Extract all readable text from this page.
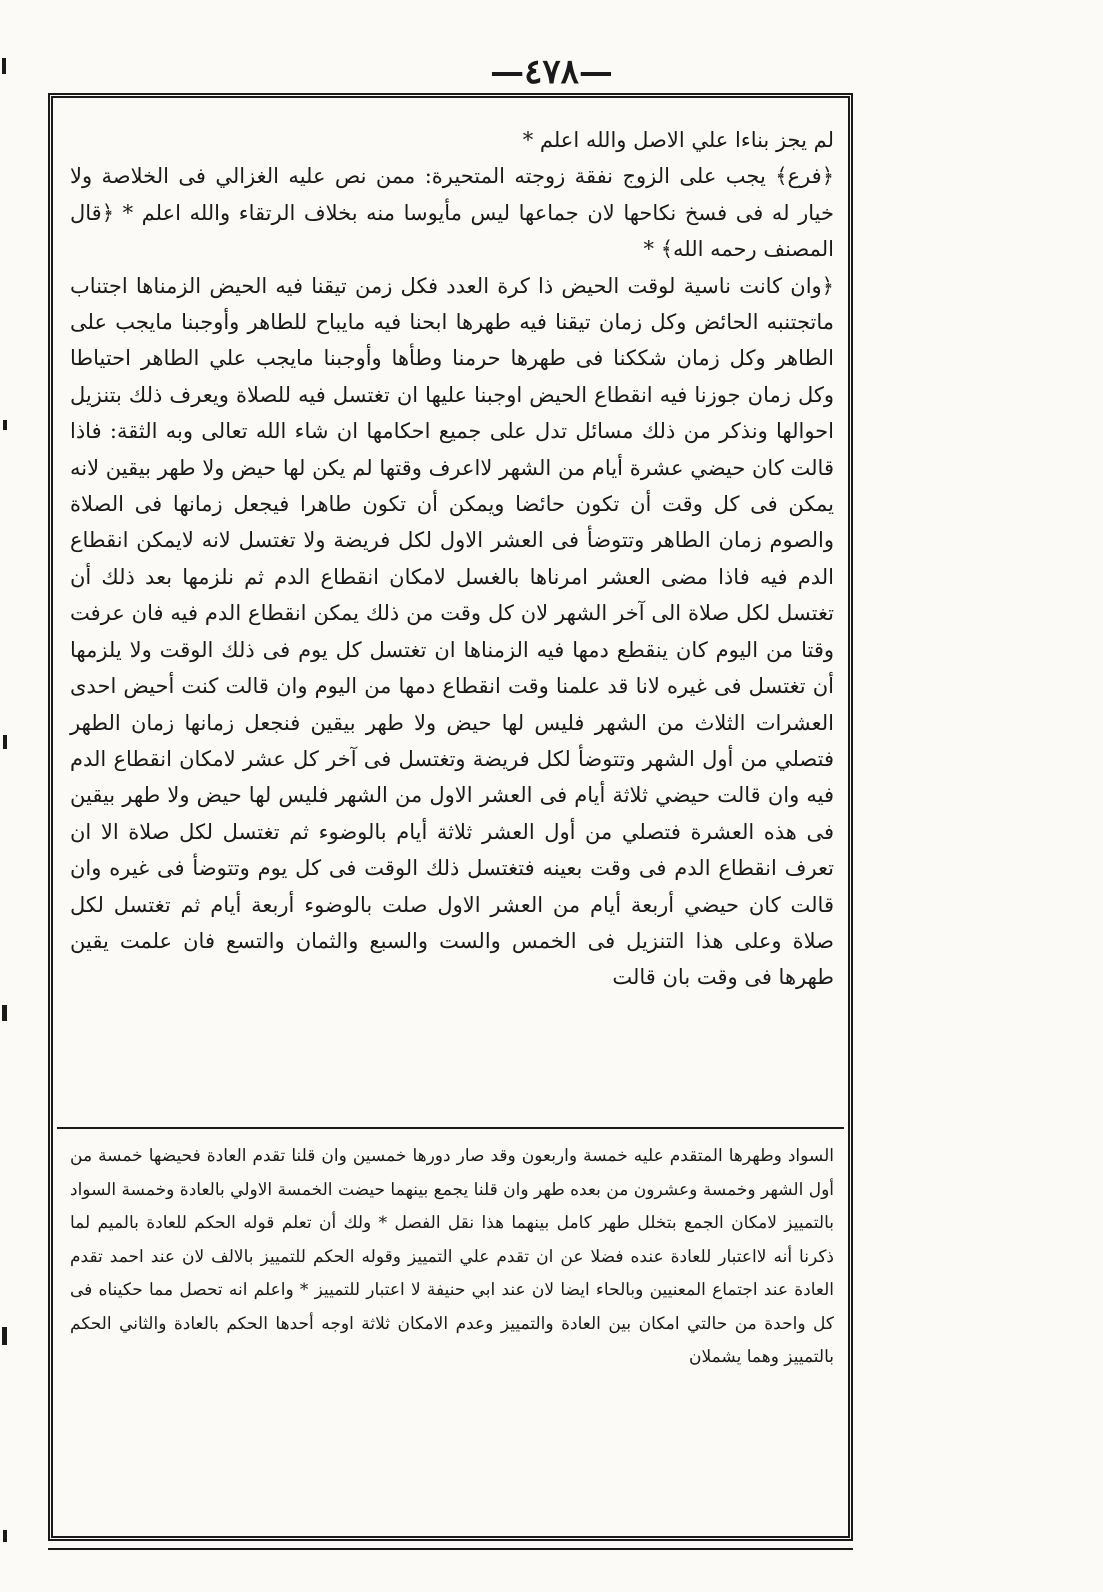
—٤٧٨—

لم يجز بناءا علي الاصل والله اعلم *

﴿فرع﴾ يجب على الزوج نفقة زوجته المتحيرة: ممن نص عليه الغزالي فى الخلاصة ولا خيار له فى فسخ نكاحها لان جماعها ليس مأيوسا منه بخلاف الرتقاء والله اعلم * ﴿قال المصنف رحمه الله﴾ *

﴿وان كانت ناسية لوقت الحيض ذا كرة العدد فكل زمن تيقنا فيه الحيض الزمناها اجتناب ماتجتنبه الحائض وكل زمان تيقنا فيه طهرها ابحنا فيه مايباح للطاهر وأوجبنا مايجب على الطاهر وكل زمان شككنا فى طهرها حرمنا وطأها وأوجبنا مايجب علي الطاهر احتياطا وكل زمان جوزنا فيه انقطاع الحيض اوجبنا عليها ان تغتسل فيه للصلاة ويعرف ذلك بتنزيل احوالها ونذكر من ذلك مسائل تدل على جميع احكامها ان شاء الله تعالى وبه الثقة: فاذا قالت كان حيضي عشرة أيام من الشهر لااعرف وقتها لم يكن لها حيض ولا طهر بيقين لانه يمكن فى كل وقت أن تكون حائضا ويمكن أن تكون طاهرا فيجعل زمانها فى الصلاة والصوم زمان الطاهر وتتوضأ فى العشر الاول لكل فريضة ولا تغتسل لانه لايمكن انقطاع الدم فيه فاذا مضى العشر امرناها بالغسل لامكان انقطاع الدم ثم نلزمها بعد ذلك أن تغتسل لكل صلاة الى آخر الشهر لان كل وقت من ذلك يمكن انقطاع الدم فيه فان عرفت وقتا من اليوم كان ينقطع دمها فيه الزمناها ان تغتسل كل يوم فى ذلك الوقت ولا يلزمها أن تغتسل فى غيره لانا قد علمنا وقت انقطاع دمها من اليوم وان قالت كنت أحيض احدى العشرات الثلاث من الشهر فليس لها حيض ولا طهر بيقين فنجعل زمانها زمان الطهر فتصلي من أول الشهر وتتوضأ لكل فريضة وتغتسل فى آخر كل عشر لامكان انقطاع الدم فيه وان قالت حيضي ثلاثة أيام فى العشر الاول من الشهر فليس لها حيض ولا طهر بيقين فى هذه العشرة فتصلي من أول العشر ثلاثة أيام بالوضوء ثم تغتسل لكل صلاة الا ان تعرف انقطاع الدم فى وقت بعينه فتغتسل ذلك الوقت فى كل يوم وتتوضأ فى غيره وان قالت كان حيضي أربعة أيام من العشر الاول صلت بالوضوء أربعة أيام ثم تغتسل لكل صلاة وعلى هذا التنزيل فى الخمس والست والسبع والثمان والتسع فان علمت يقين طهرها فى وقت بان قالت

السواد وطهرها المتقدم عليه خمسة واربعون وقد صار دورها خمسين وان قلنا تقدم العادة فحيضها خمسة من أول الشهر وخمسة وعشرون من بعده طهر وان قلنا يجمع بينهما حيضت الخمسة الاولي بالعادة وخمسة السواد بالتمييز لامكان الجمع بتخلل طهر كامل بينهما هذا نقل الفصل * ولك أن تعلم قوله الحكم للعادة بالميم لما ذكرنا أنه لااعتبار للعادة عنده فضلا عن ان تقدم علي التمييز وقوله الحكم للتمييز بالالف لان عند احمد تقدم العادة عند اجتماع المعنيين وبالحاء ايضا لان عند ابي حنيفة لا اعتبار للتمييز * واعلم انه تحصل مما حكيناه فى كل واحدة من حالتي امكان بين العادة والتمييز وعدم الامكان ثلاثة اوجه أحدها الحكم بالعادة والثاني الحكم بالتمييز وهما يشملان
